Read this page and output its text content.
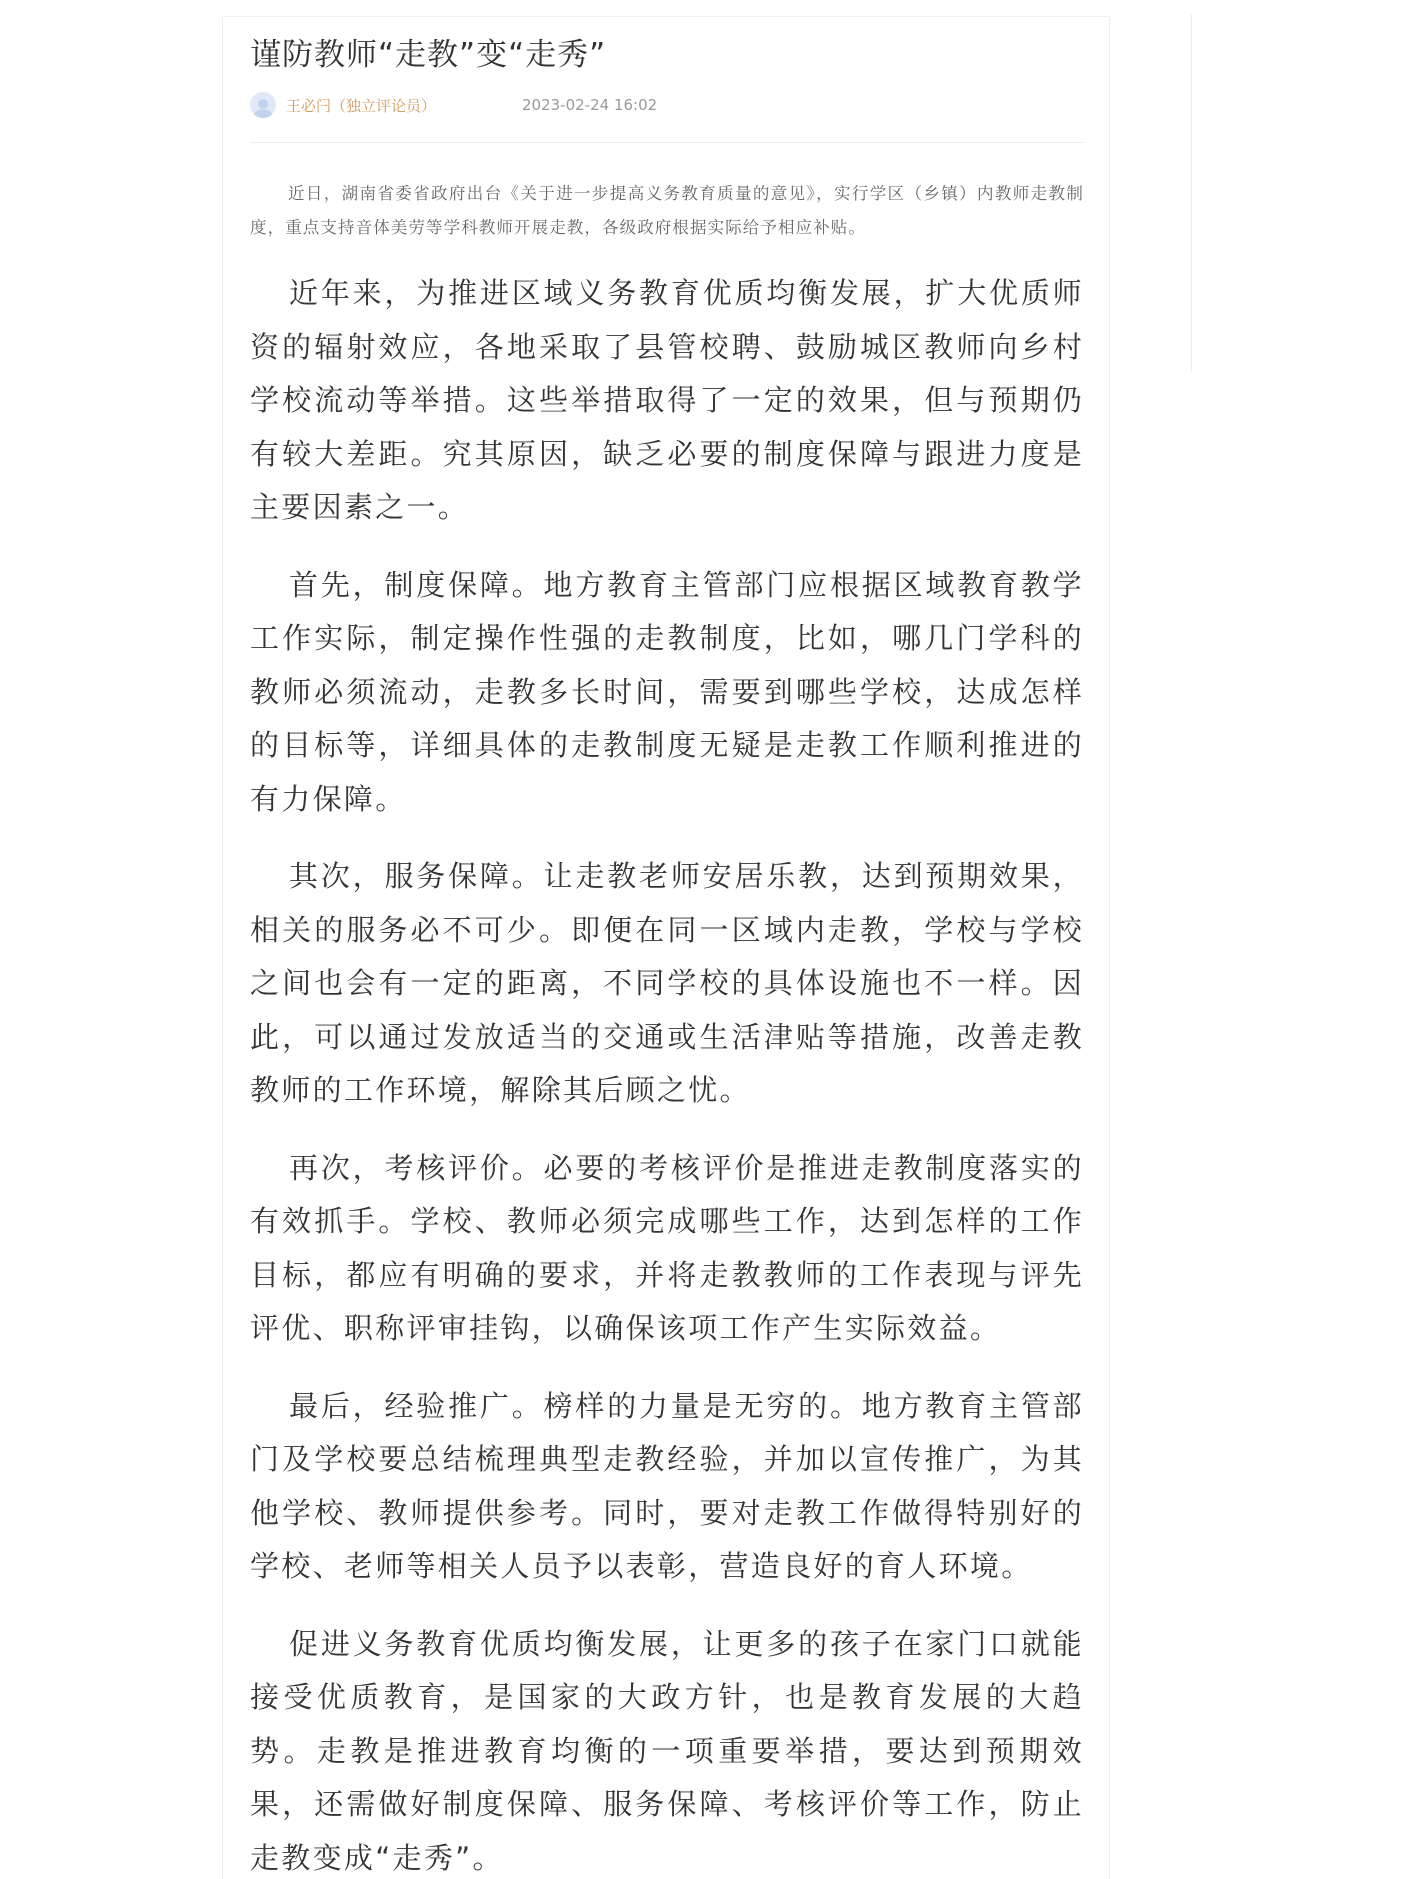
谨防教师“走教”变“走秀”
王必闩（独立评论员）	2023-02-24 16:02

近日，湖南省委省政府出台《关于进一步提高义务教育质量的意见》，实行学区（乡镇）内教师走教制度，重点支持音体美劳等学科教师开展走教，各级政府根据实际给予相应补贴。

近年来，为推进区域义务教育优质均衡发展，扩大优质师资的辐射效应，各地采取了县管校聘、鼓励城区教师向乡村学校流动等举措。这些举措取得了一定的效果，但与预期仍有较大差距。究其原因，缺乏必要的制度保障与跟进力度是主要因素之一。

首先，制度保障。地方教育主管部门应根据区域教育教学工作实际，制定操作性强的走教制度，比如，哪几门学科的教师必须流动，走教多长时间，需要到哪些学校，达成怎样的目标等，详细具体的走教制度无疑是走教工作顺利推进的有力保障。

其次，服务保障。让走教老师安居乐教，达到预期效果，相关的服务必不可少。即便在同一区域内走教，学校与学校之间也会有一定的距离，不同学校的具体设施也不一样。因此，可以通过发放适当的交通或生活津贴等措施，改善走教教师的工作环境，解除其后顾之忧。

再次，考核评价。必要的考核评价是推进走教制度落实的有效抓手。学校、教师必须完成哪些工作，达到怎样的工作目标，都应有明确的要求，并将走教教师的工作表现与评先评优、职称评审挂钩，以确保该项工作产生实际效益。

最后，经验推广。榜样的力量是无穷的。地方教育主管部门及学校要总结梳理典型走教经验，并加以宣传推广，为其他学校、教师提供参考。同时，要对走教工作做得特别好的学校、老师等相关人员予以表彰，营造良好的育人环境。

促进义务教育优质均衡发展，让更多的孩子在家门口就能接受优质教育，是国家的大政方针，也是教育发展的大趋势。走教是推进教育均衡的一项重要举措，要达到预期效果，还需做好制度保障、服务保障、考核评价等工作，防止走教变成“走秀”。
